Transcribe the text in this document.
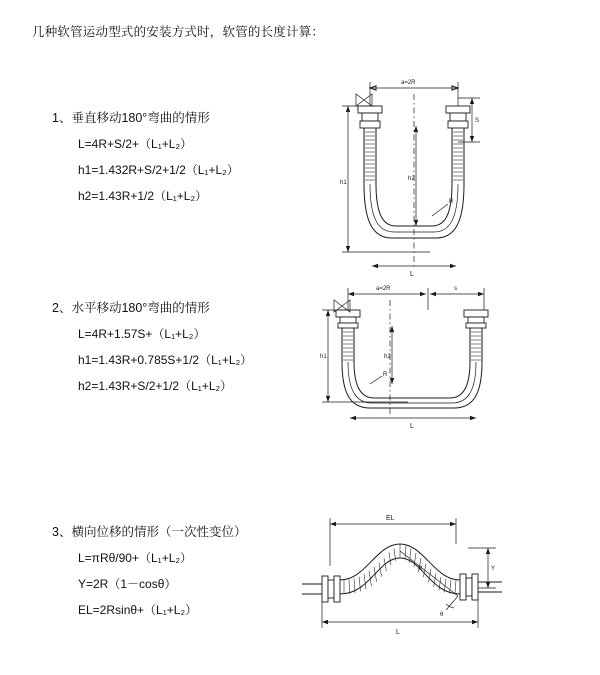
几种软管运动型式的安装方式时，软管的长度计算：
1、垂直移动180°弯曲的情形
L=4R+S/2+（L₁+L₂）
h1=1.432R+S/2+1/2（L₁+L₂）
h2=1.43R+1/2（L₁+L₂）
a=2R
S
h1
h2
R
L
2、水平移动180°弯曲的情形
L=4R+1.57S+（L₁+L₂）
h1=1.43R+0.785S+1/2（L₁+L₂）
h2=1.43R+S/2+1/2（L₁+L₂）
a=2R	s
h1	h2
R
L
3、横向位移的情形（一次性变位）
L=πRθ/90+（L₁+L₂）
Y=2R（1－cosθ）
EL=2Rsinθ+（L₁+L₂）
EL
Y
R
θ
L
